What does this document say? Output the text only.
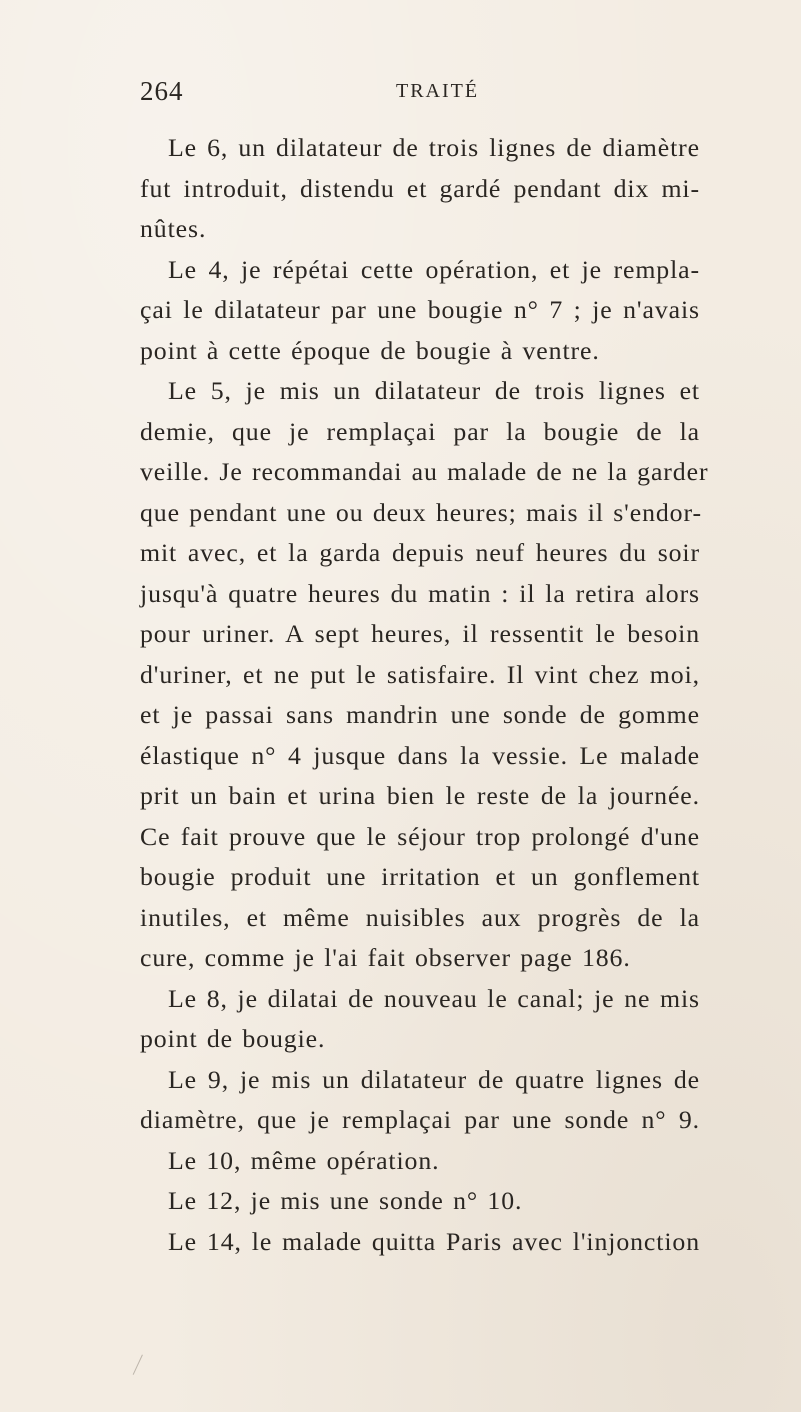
264	TRAITÉ
Le 6, un dilatateur de trois lignes de diamètre
fut introduit, distendu et gardé pendant dix mi-
nûtes.
Le 4, je répétai cette opération, et je rempla-
çai le dilatateur par une bougie n° 7 ; je n'avais
point à cette époque de bougie à ventre.
Le 5, je mis un dilatateur de trois lignes et
demie, que je remplaçai par la bougie de la
veille. Je recommandai au malade de ne la garder
que pendant une ou deux heures; mais il s'endor-
mit avec, et la garda depuis neuf heures du soir
jusqu'à quatre heures du matin : il la retira alors
pour uriner. A sept heures, il ressentit le besoin
d'uriner, et ne put le satisfaire. Il vint chez moi,
et je passai sans mandrin une sonde de gomme
élastique n° 4 jusque dans la vessie. Le malade
prit un bain et urina bien le reste de la journée.
Ce fait prouve que le séjour trop prolongé d'une
bougie produit une irritation et un gonflement
inutiles, et même nuisibles aux progrès de la
cure, comme je l'ai fait observer page 186.
Le 8, je dilatai de nouveau le canal; je ne mis
point de bougie.
Le 9, je mis un dilatateur de quatre lignes de
diamètre, que je remplaçai par une sonde n° 9.
Le 10, même opération.
Le 12, je mis une sonde n° 10.
Le 14, le malade quitta Paris avec l'injonction
